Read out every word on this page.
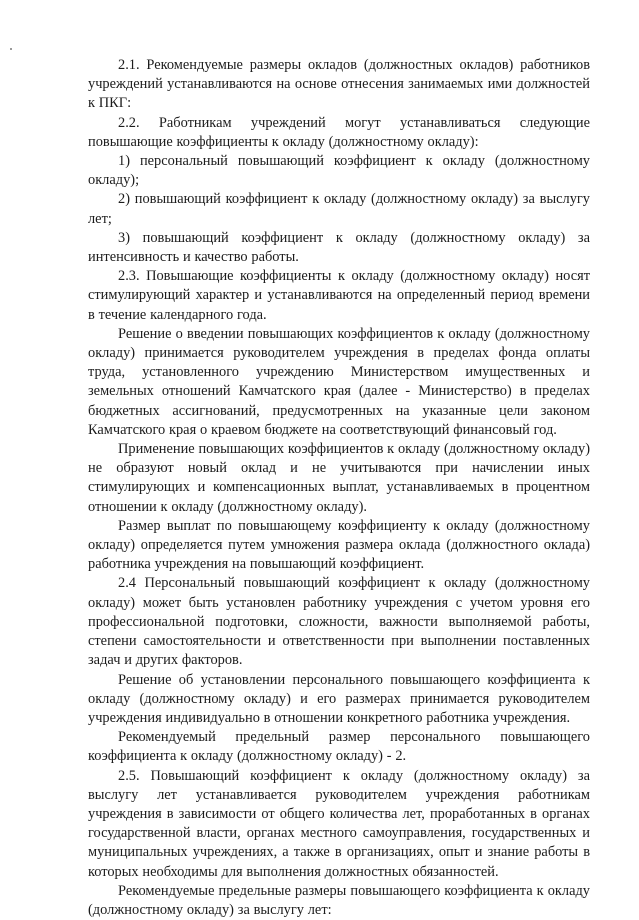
2.1. Рекомендуемые размеры окладов (должностных окладов) работников учреждений устанавливаются на основе отнесения занимаемых ими должностей к ПКГ:

2.2. Работникам учреждений могут устанавливаться следующие повышающие коэффициенты к окладу (должностному окладу):

1) персональный повышающий коэффициент к окладу (должностному окладу);

2) повышающий коэффициент к окладу (должностному окладу) за выслугу лет;

3) повышающий коэффициент к окладу (должностному окладу) за интенсивность и качество работы.

2.3. Повышающие коэффициенты к окладу (должностному окладу) носят стимулирующий характер и устанавливаются на определенный период времени в течение календарного года.

Решение о введении повышающих коэффициентов к окладу (должностному окладу) принимается руководителем учреждения в пределах фонда оплаты труда, установленного учреждению Министерством имущественных и земельных отношений Камчатского края (далее - Министерство) в пределах бюджетных ассигнований, предусмотренных на указанные цели законом Камчатского края о краевом бюджете на соответствующий финансовый год.

Применение повышающих коэффициентов к окладу (должностному окладу) не образуют новый оклад и не учитываются при начислении иных стимулирующих и компенсационных выплат, устанавливаемых в процентном отношении к окладу (должностному окладу).

Размер выплат по повышающему коэффициенту к окладу (должностному окладу) определяется путем умножения размера оклада (должностного оклада) работника учреждения на повышающий коэффициент.

2.4 Персональный повышающий коэффициент к окладу (должностному окладу) может быть установлен работнику учреждения с учетом уровня его профессиональной подготовки, сложности, важности выполняемой работы, степени самостоятельности и ответственности при выполнении поставленных задач и других факторов.

Решение об установлении персонального повышающего коэффициента к окладу (должностному окладу) и его размерах принимается руководителем учреждения индивидуально в отношении конкретного работника учреждения.

Рекомендуемый предельный размер персонального повышающего коэффициента к окладу (должностному окладу) - 2.

2.5. Повышающий коэффициент к окладу (должностному окладу) за выслугу лет устанавливается руководителем учреждения работникам учреждения в зависимости от общего количества лет, проработанных в органах государственной власти, органах местного самоуправления, государственных и муниципальных учреждениях, а также в организациях, опыт и знание работы в которых необходимы для выполнения должностных обязанностей.

Рекомендуемые предельные размеры повышающего коэффициента к окладу (должностному окладу) за выслугу лет:
